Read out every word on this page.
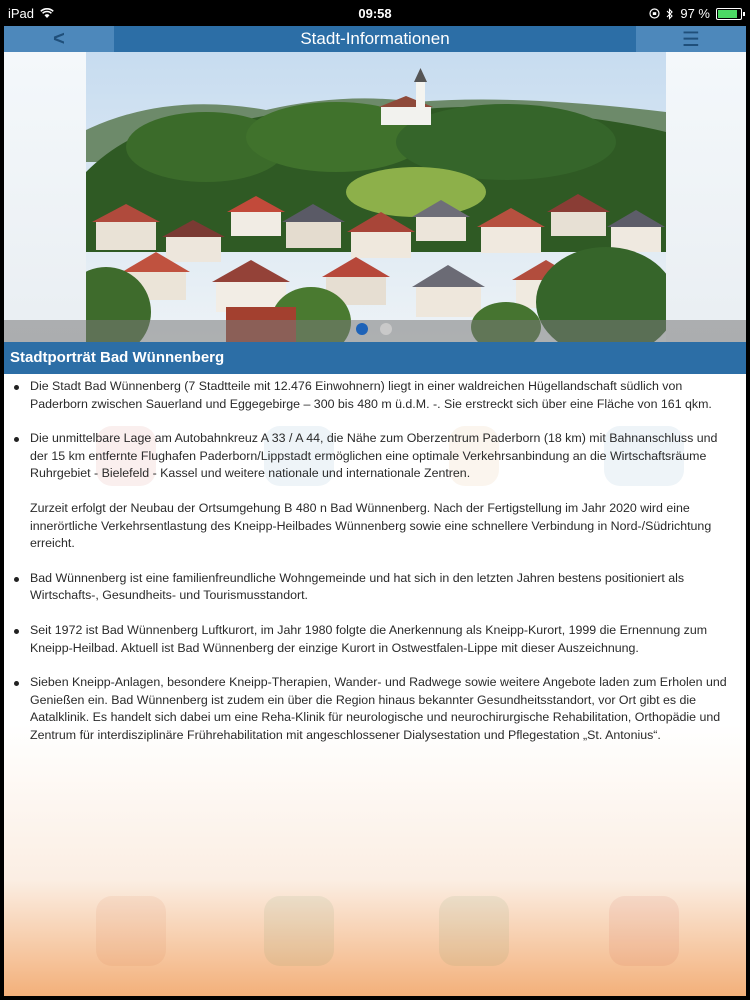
iPad	09:58	97 %
<	Stadt-Informationen	☰
Stadtporträt Bad Wünnenberg
Die Stadt Bad Wünnenberg (7 Stadtteile mit 12.476 Einwohnern) liegt in einer waldreichen Hügellandschaft südlich von Paderborn zwischen Sauerland und Eggegebirge – 300 bis 480 m ü.d.M. -. Sie erstreckt sich über eine Fläche von 161 qkm.
Die unmittelbare Lage am Autobahnkreuz A 33 / A 44, die Nähe zum Oberzentrum Paderborn (18 km) mit Bahnanschluss und der 15 km entfernte Flughafen Paderborn/Lippstadt ermöglichen eine optimale Verkehrsanbindung an die Wirtschaftsräume Ruhrgebiet - Bielefeld - Kassel und weitere nationale und internationale Zentren.
Zurzeit erfolgt der Neubau der Ortsumgehung B 480 n Bad Wünnenberg. Nach der Fertigstellung im Jahr 2020 wird eine innerörtliche Verkehrsentlastung des Kneipp-Heilbades Wünnenberg sowie eine schnellere Verbindung in Nord-/Südrichtung erreicht.
Bad Wünnenberg ist eine familienfreundliche Wohngemeinde und hat sich in den letzten Jahren bestens positioniert als Wirtschafts-, Gesundheits- und Tourismusstandort.
Seit 1972 ist Bad Wünnenberg Luftkurort, im Jahr 1980 folgte die Anerkennung als Kneipp-Kurort, 1999 die Ernennung zum Kneipp-Heilbad. Aktuell ist Bad Wünnenberg der einzige Kurort in Ostwestfalen-Lippe mit dieser Auszeichnung.
Sieben Kneipp-Anlagen, besondere Kneipp-Therapien, Wander- und Radwege sowie weitere Angebote laden zum Erholen und Genießen ein. Bad Wünnenberg ist zudem ein über die Region hinaus bekannter Gesundheitsstandort, vor Ort gibt es die Aatalklinik. Es handelt sich dabei um eine Reha-Klinik für neurologische und neurochirurgische Rehabilitation, Orthopädie und Zentrum für interdisziplinäre Frührehabilitation mit angeschlossener Dialysestation und Pflegestation „St. Antonius“.
